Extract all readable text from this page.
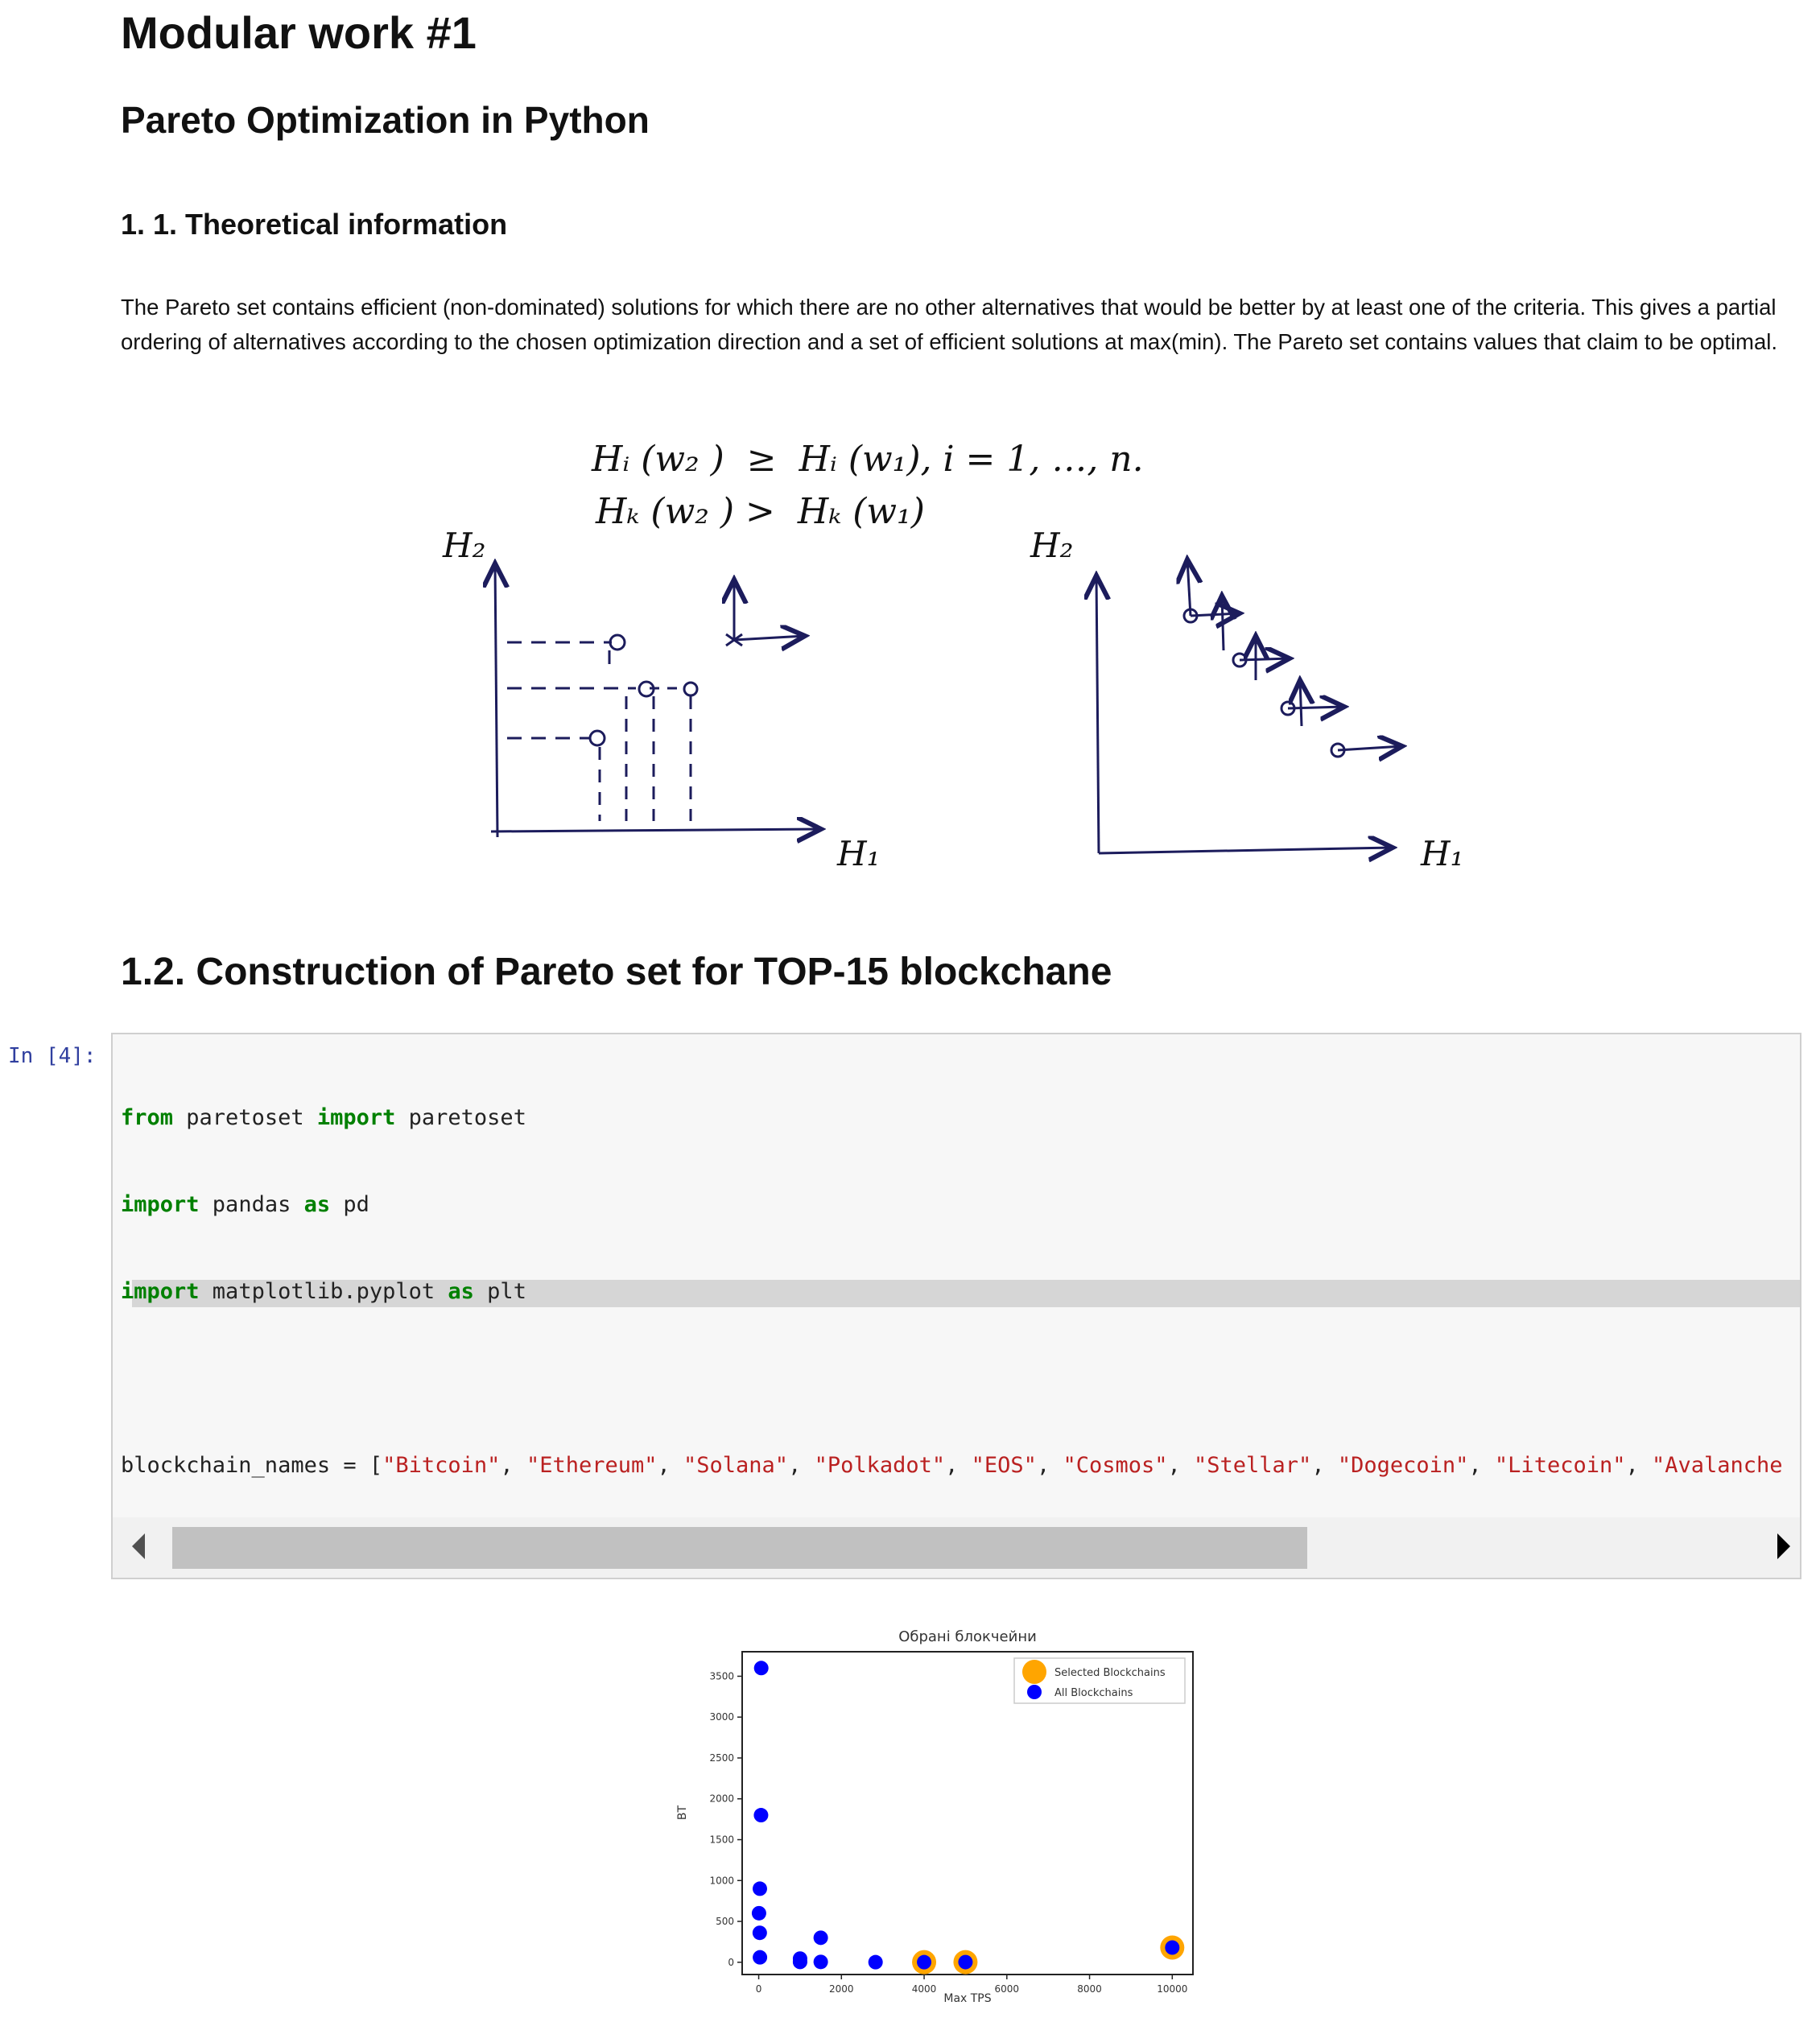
Modular work #1
Pareto Optimization in Python
1. 1. Theoretical information

The Pareto set contains efficient (non-dominated) solutions for which there are no other alternatives that would be better by at least one of the criteria. This gives a partial ordering of alternatives according to the chosen optimization direction and a set of efficient solutions at max(min). The Pareto set contains values that claim to be optimal.

Hᵢ (w₂ )  ≥  Hᵢ (w₁), i = 1, …, n.
Hₖ (w₂ ) >  Hₖ (w₁)
H₂
H₁
H₂
H₁
1.2. Construction of Pareto set for TOP-15 blockchane
In [4]:

from paretoset import paretoset

import pandas as pd

import matplotlib.pyplot as plt

blockchain_names = ["Bitcoin", "Ethereum", "Solana", "Polkadot", "EOS", "Cosmos", "Stellar", "Dogecoin", "Litecoin", "Avalanche

Обрані блокчейни
0	2000	4000	6000	8000	10000
0
500
1000
1500
2000
2500
3000
3500	Selected Blockchains
All Blockchains
Max TPS
BT
